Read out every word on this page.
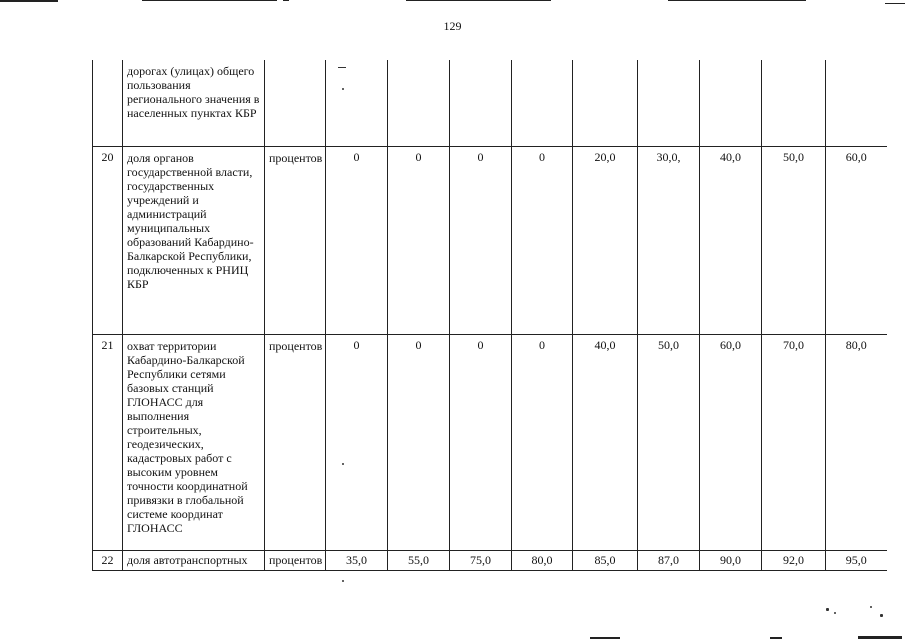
129
	дорогах (улицах) общего пользования регионального значения в населенных пунктах КБР										
20	доля органов государственной власти, государственных учреждений и администраций муниципальных образований Кабардино-Балкарской Республики, подключенных к РНИЦ КБР	процентов	0	0	0	0	20,0	30,0,	40,0	50,0	60,0
21	охват территории Кабардино-Балкарской Республики сетями базовых станций ГЛОНАСС для выполнения строительных, геодезических, кадастровых работ с высоким уровнем точности координатной привязки в глобальной системе координат ГЛОНАСС	процентов	0	0	0	0	40,0	50,0	60,0	70,0	80,0
22	доля автотранспортных	процентов	35,0	55,0	75,0	80,0	85,0	87,0	90,0	92,0	95,0
